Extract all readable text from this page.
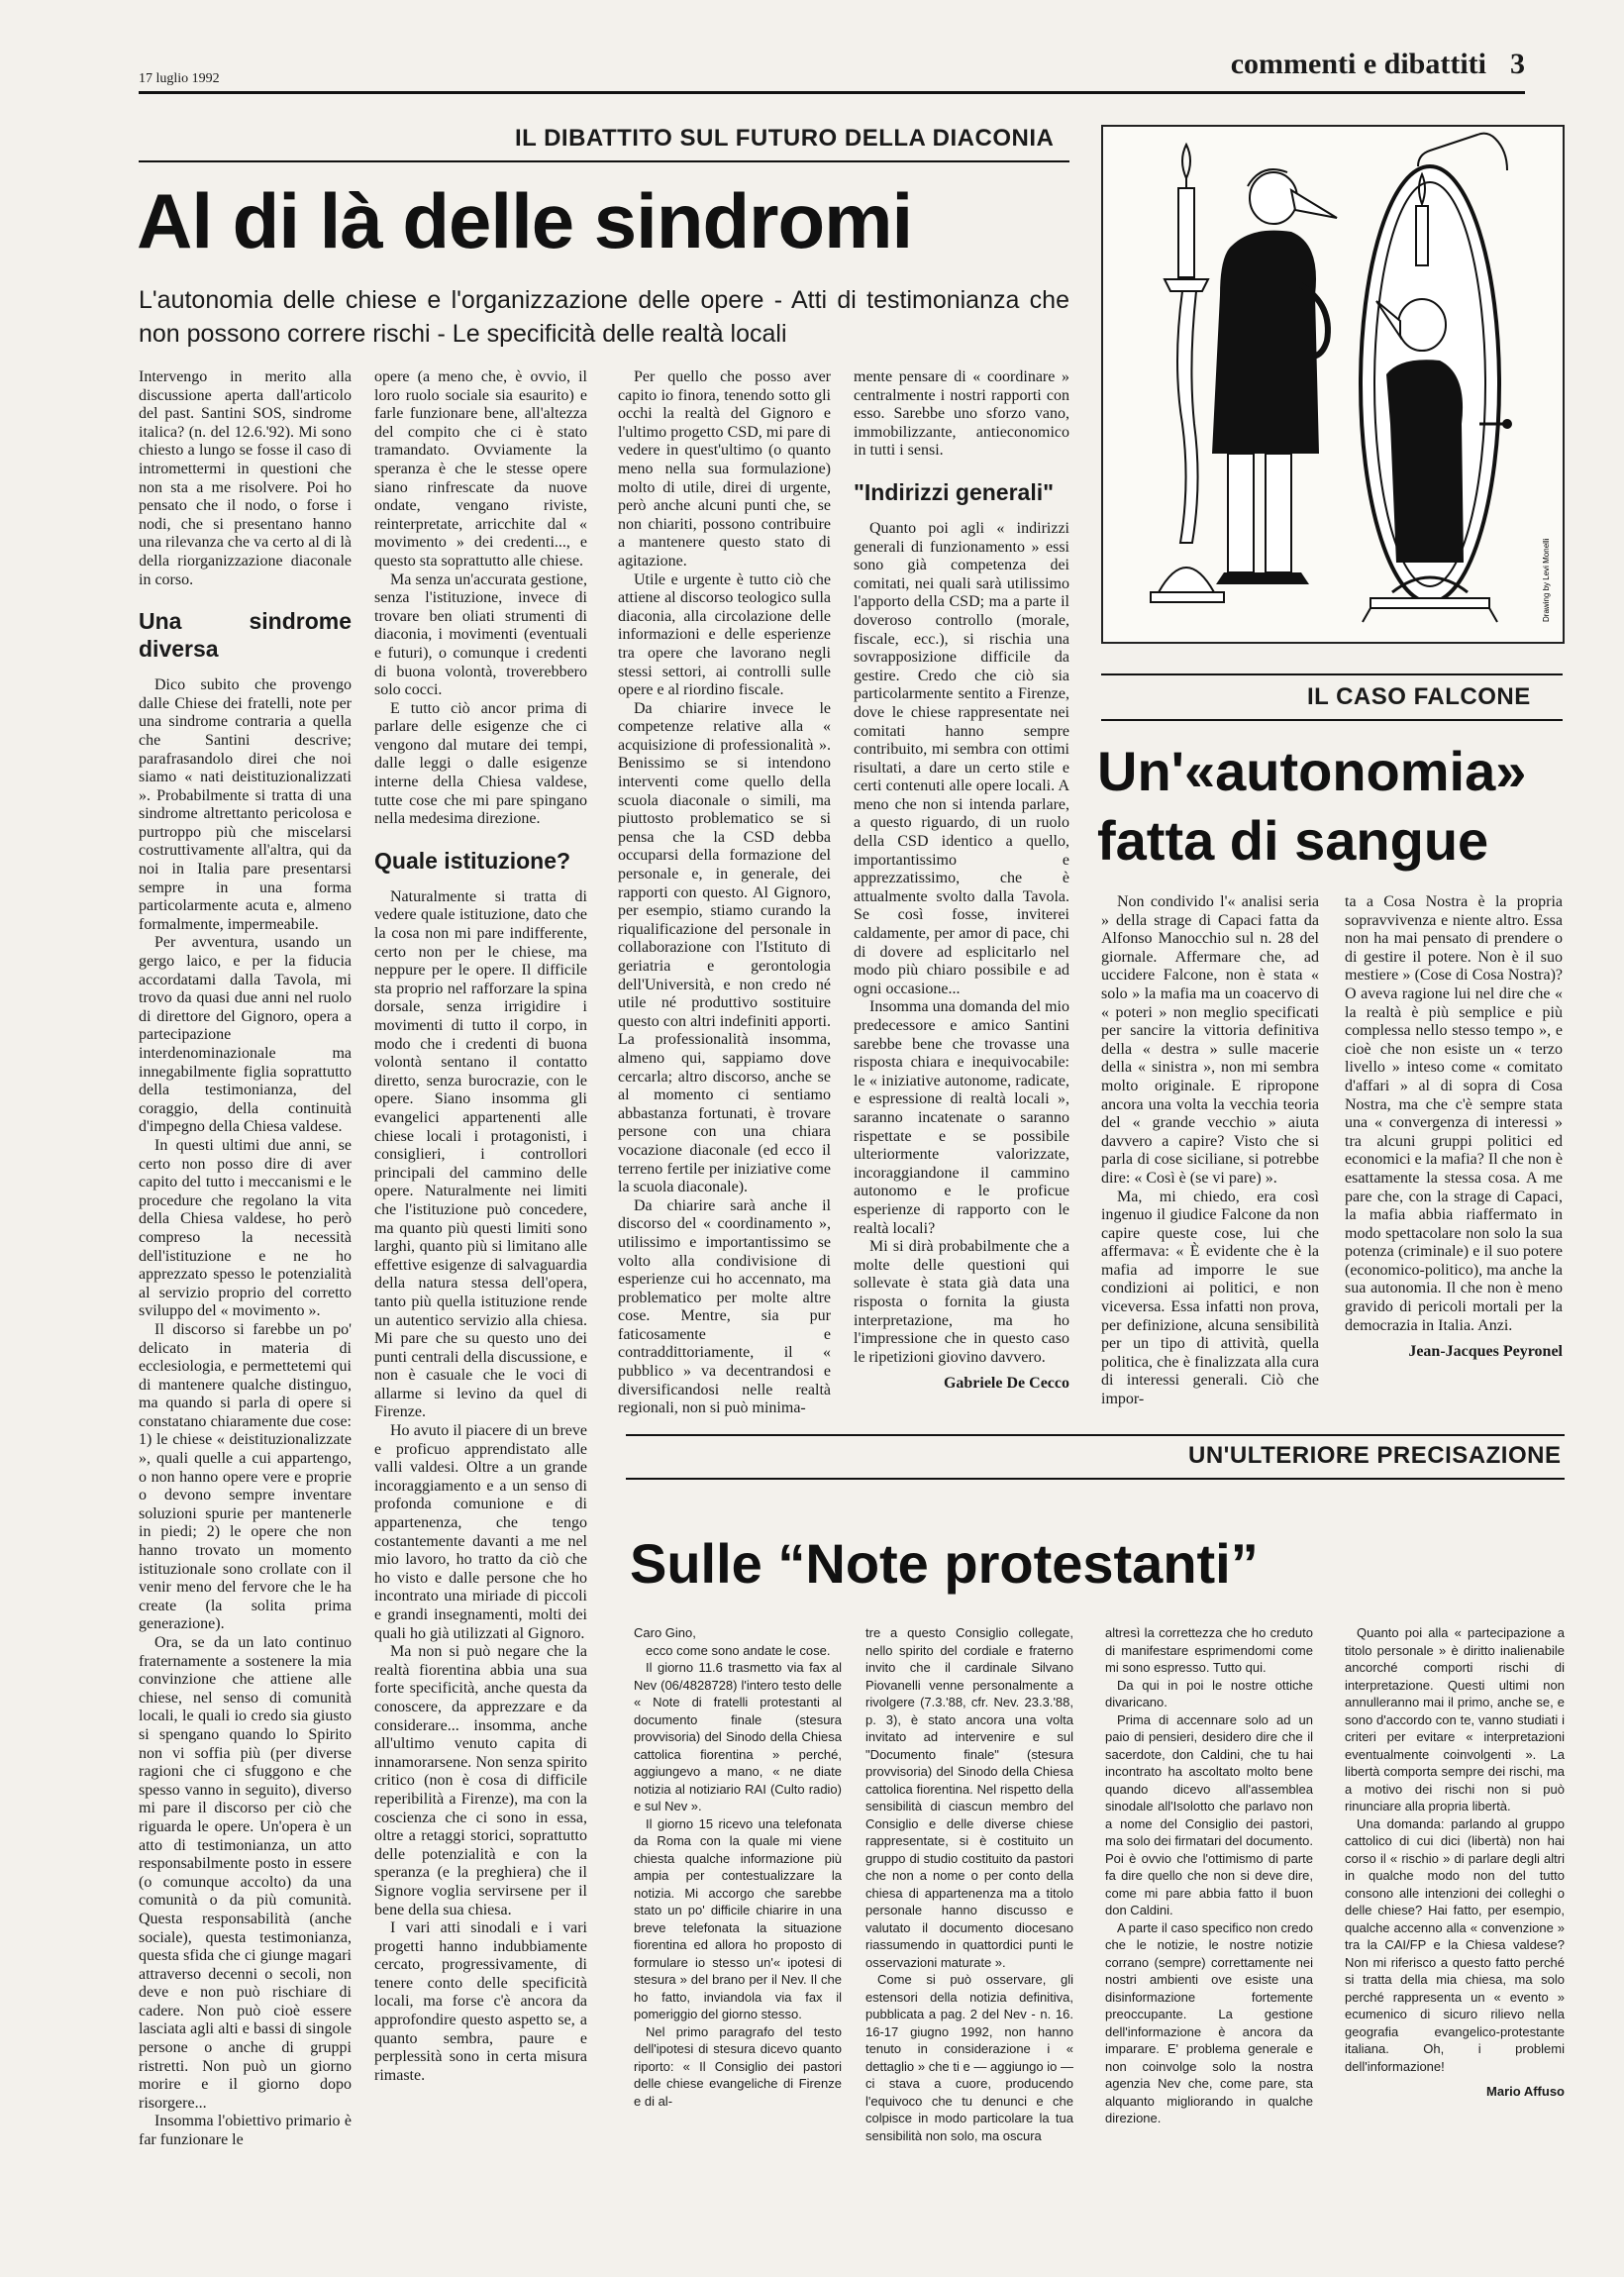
17 luglio 1992	commenti e dibattiti 3
IL DIBATTITO SUL FUTURO DELLA DIACONIA
Al di là delle sindromi
L'autonomia delle chiese e l'organizzazione delle opere - Atti di testimonianza che non possono correre rischi - Le specificità delle realtà locali

Intervengo in merito alla discussione aperta dall'articolo del past. Santini SOS, sindrome italica? (n. del 12.6.'92). Mi sono chiesto a lungo se fosse il caso di intromettermi in questioni che non sta a me risolvere. Poi ho pensato che il nodo, o forse i nodi, che si presentano hanno una rilevanza che va certo al di là della riorganizzazione diaconale in corso.

Una sindrome diversa

Dico subito che provengo dalle Chiese dei fratelli, note per una sindrome contraria a quella che Santini descrive; parafrasandolo direi che noi siamo « nati deistituzionalizzati ». Probabilmente si tratta di una sindrome altrettanto pericolosa e purtroppo più che miscelarsi costruttivamente all'altra, qui da noi in Italia pare presentarsi sempre in una forma particolarmente acuta e, almeno formalmente, impermeabile.

Per avventura, usando un gergo laico, e per la fiducia accordatami dalla Tavola, mi trovo da quasi due anni nel ruolo di direttore del Gignoro, opera a partecipazione interdenominazionale ma innegabilmente figlia soprattutto della testimonianza, del coraggio, della continuità d'impegno della Chiesa valdese.

In questi ultimi due anni, se certo non posso dire di aver capito del tutto i meccanismi e le procedure che regolano la vita della Chiesa valdese, ho però compreso la necessità dell'istituzione e ne ho apprezzato spesso le potenzialità al servizio proprio del corretto sviluppo del « movimento ».

Il discorso si farebbe un po' delicato in materia di ecclesiologia, e permettetemi qui di mantenere qualche distinguo, ma quando si parla di opere si constatano chiaramente due cose: 1) le chiese « deistituzionalizzate », quali quelle a cui appartengo, o non hanno opere vere e proprie o devono sempre inventare soluzioni spurie per mantenerle in piedi; 2) le opere che non hanno trovato un momento istituzionale sono crollate con il venir meno del fervore che le ha create (la solita prima generazione).

Ora, se da un lato continuo fraternamente a sostenere la mia convinzione che attiene alle chiese, nel senso di comunità locali, le quali io credo sia giusto si spengano quando lo Spirito non vi soffia più (per diverse ragioni che ci sfuggono e che spesso vanno in seguito), diverso mi pare il discorso per ciò che riguarda le opere. Un'opera è un atto di testimonianza, un atto responsabilmente posto in essere (o comunque accolto) da una comunità o da più comunità. Questa responsabilità (anche sociale), questa testimonianza, questa sfida che ci giunge magari attraverso decenni o secoli, non deve e non può rischiare di cadere. Non può cioè essere lasciata agli alti e bassi di singole persone o anche di gruppi ristretti. Non può un giorno morire e il giorno dopo risorgere...

Insomma l'obiettivo primario è far funzionare le

opere (a meno che, è ovvio, il loro ruolo sociale sia esaurito) e farle funzionare bene, all'altezza del compito che ci è stato tramandato. Ovviamente la speranza è che le stesse opere siano rinfrescate da nuove ondate, vengano riviste, reinterpretate, arricchite dal « movimento » dei credenti..., e questo sta soprattutto alle chiese.

Ma senza un'accurata gestione, senza l'istituzione, invece di trovare ben oliati strumenti di diaconia, i movimenti (eventuali e futuri), o comunque i credenti di buona volontà, troverebbero solo cocci.

E tutto ciò ancor prima di parlare delle esigenze che ci vengono dal mutare dei tempi, dalle leggi o dalle esigenze interne della Chiesa valdese, tutte cose che mi pare spingano nella medesima direzione.

Quale istituzione?

Naturalmente si tratta di vedere quale istituzione, dato che la cosa non mi pare indifferente, certo non per le chiese, ma neppure per le opere. Il difficile sta proprio nel rafforzare la spina dorsale, senza irrigidire i movimenti di tutto il corpo, in modo che i credenti di buona volontà sentano il contatto diretto, senza burocrazie, con le opere. Siano insomma gli evangelici appartenenti alle chiese locali i protagonisti, i consiglieri, i controllori principali del cammino delle opere. Naturalmente nei limiti che l'istituzione può concedere, ma quanto più questi limiti sono larghi, quanto più si limitano alle effettive esigenze di salvaguardia della natura stessa dell'opera, tanto più quella istituzione rende un autentico servizio alla chiesa. Mi pare che su questo uno dei punti centrali della discussione, e non è casuale che le voci di allarme si levino da quel di Firenze.

Ho avuto il piacere di un breve e proficuo apprendistato alle valli valdesi. Oltre a un grande incoraggiamento e a un senso di profonda comunione e di appartenenza, che tengo costantemente davanti a me nel mio lavoro, ho tratto da ciò che ho visto e dalle persone che ho incontrato una miriade di piccoli e grandi insegnamenti, molti dei quali ho già utilizzati al Gignoro.

Ma non si può negare che la realtà fiorentina abbia una sua forte specificità, anche questa da conoscere, da apprezzare e da considerare... insomma, anche all'ultimo venuto capita di innamorarsene. Non senza spirito critico (non è cosa di difficile reperibilità a Firenze), ma con la coscienza che ci sono in essa, oltre a retaggi storici, soprattutto delle potenzialità e con la speranza (e la preghiera) che il Signore voglia servirsene per il bene della sua chiesa.

I vari atti sinodali e i vari progetti hanno indubbiamente cercato, progressivamente, di tenere conto delle specificità locali, ma forse c'è ancora da approfondire questo aspetto se, a quanto sembra, paure e perplessità sono in certa misura rimaste.

Per quello che posso aver capito io finora, tenendo sotto gli occhi la realtà del Gignoro e l'ultimo progetto CSD, mi pare di vedere in quest'ultimo (o quanto meno nella sua formulazione) molto di utile, direi di urgente, però anche alcuni punti che, se non chiariti, possono contribuire a mantenere questo stato di agitazione.

Utile e urgente è tutto ciò che attiene al discorso teologico sulla diaconia, alla circolazione delle informazioni e delle esperienze tra opere che lavorano negli stessi settori, ai controlli sulle opere e al riordino fiscale.

Da chiarire invece le competenze relative alla « acquisizione di professionalità ». Benissimo se si intendono interventi come quello della scuola diaconale o simili, ma piuttosto problematico se si pensa che la CSD debba occuparsi della formazione del personale e, in generale, dei rapporti con questo. Al Gignoro, per esempio, stiamo curando la riqualificazione del personale in collaborazione con l'Istituto di geriatria e gerontologia dell'Università, e non credo né utile né produttivo sostituire questo con altri indefiniti apporti. La professionalità insomma, almeno qui, sappiamo dove cercarla; altro discorso, anche se al momento ci sentiamo abbastanza fortunati, è trovare persone con una chiara vocazione diaconale (ed ecco il terreno fertile per iniziative come la scuola diaconale).

Da chiarire sarà anche il discorso del « coordinamento », utilissimo e importantissimo se volto alla condivisione di esperienze cui ho accennato, ma problematico per molte altre cose. Mentre, sia pur faticosamente e contraddittoriamente, il « pubblico » va decentrandosi e diversificandosi nelle realtà regionali, non si può minima-

mente pensare di « coordinare » centralmente i nostri rapporti con esso. Sarebbe uno sforzo vano, immobilizzante, antieconomico in tutti i sensi.

"Indirizzi generali"

Quanto poi agli « indirizzi generali di funzionamento » essi sono già competenza dei comitati, nei quali sarà utilissimo l'apporto della CSD; ma a parte il doveroso controllo (morale, fiscale, ecc.), si rischia una sovrapposizione difficile da gestire. Credo che ciò sia particolarmente sentito a Firenze, dove le chiese rappresentate nei comitati hanno sempre contribuito, mi sembra con ottimi risultati, a dare un certo stile e certi contenuti alle opere locali. A meno che non si intenda parlare, a questo riguardo, di un ruolo della CSD identico a quello, importantissimo e apprezzatissimo, che è attualmente svolto dalla Tavola. Se così fosse, inviterei caldamente, per amor di pace, chi di dovere ad esplicitarlo nel modo più chiaro possibile e ad ogni occasione...

Insomma una domanda del mio predecessore e amico Santini sarebbe bene che trovasse una risposta chiara e inequivocabile: le « iniziative autonome, radicate, e espressione di realtà locali », saranno incatenate o saranno rispettate e se possibile ulteriormente valorizzate, incoraggiandone il cammino autonomo e le proficue esperienze di rapporto con le realtà locali?

Mi si dirà probabilmente che a molte delle questioni qui sollevate è stata già data una risposta o fornita la giusta interpretazione, ma ho l'impressione che in questo caso le ripetizioni giovino davvero.

Gabriele De Cecco
Drawing by Levi Monelli
IL CASO FALCONE
Un'«autonomia» fatta di sangue

Non condivido l'« analisi seria » della strage di Capaci fatta da Alfonso Manocchio sul n. 28 del giornale. Affermare che, ad uccidere Falcone, non è stata « solo » la mafia ma un coacervo di « poteri » non meglio specificati per sancire la vittoria definitiva della « destra » sulle macerie della « sinistra », non mi sembra molto originale. E ripropone ancora una volta la vecchia teoria del « grande vecchio » aiuta davvero a capire? Visto che si parla di cose siciliane, si potrebbe dire: « Così è (se vi pare) ».

Ma, mi chiedo, era così ingenuo il giudice Falcone da non capire queste cose, lui che affermava: « È evidente che è la mafia ad imporre le sue condizioni ai politici, e non viceversa. Essa infatti non prova, per definizione, alcuna sensibilità per un tipo di attività, quella politica, che è finalizzata alla cura di interessi generali. Ciò che impor-

ta a Cosa Nostra è la propria sopravvivenza e niente altro. Essa non ha mai pensato di prendere o di gestire il potere. Non è il suo mestiere » (Cose di Cosa Nostra)? O aveva ragione lui nel dire che « la realtà è più semplice e più complessa nello stesso tempo », e cioè che non esiste un « terzo livello » inteso come « comitato d'affari » al di sopra di Cosa Nostra, ma che c'è sempre stata una « convergenza di interessi » tra alcuni gruppi politici ed economici e la mafia? Il che non è esattamente la stessa cosa. A me pare che, con la strage di Capaci, la mafia abbia riaffermato in modo spettacolare non solo la sua potenza (criminale) e il suo potere (economico-politico), ma anche la sua autonomia. Il che non è meno gravido di pericoli mortali per la democrazia in Italia. Anzi.

Jean-Jacques Peyronel
UN'ULTERIORE PRECISAZIONE
Sulle “Note protestanti”

Caro Gino,

ecco come sono andate le cose.

Il giorno 11.6 trasmetto via fax al Nev (06/4828728) l'intero testo delle « Note di fratelli protestanti al documento finale (stesura provvisoria) del Sinodo della Chiesa cattolica fiorentina » perché, aggiungevo a mano, « ne diate notizia al notiziario RAI (Culto radio) e sul Nev ».

Il giorno 15 ricevo una telefonata da Roma con la quale mi viene chiesta qualche informazione più ampia per contestualizzare la notizia. Mi accorgo che sarebbe stato un po' difficile chiarire in una breve telefonata la situazione fiorentina ed allora ho proposto di formulare io stesso un'« ipotesi di stesura » del brano per il Nev. Il che ho fatto, inviandola via fax il pomeriggio del giorno stesso.

Nel primo paragrafo del testo dell'ipotesi di stesura dicevo quanto riporto: « Il Consiglio dei pastori delle chiese evangeliche di Firenze e di al-

tre a questo Consiglio collegate, nello spirito del cordiale e fraterno invito che il cardinale Silvano Piovanelli venne personalmente a rivolgere (7.3.'88, cfr. Nev. 23.3.'88, p. 3), è stato ancora una volta invitato ad intervenire e sul "Documento finale" (stesura provvisoria) del Sinodo della Chiesa cattolica fiorentina. Nel rispetto della sensibilità di ciascun membro del Consiglio e delle diverse chiese rappresentate, si è costituito un gruppo di studio costituito da pastori che non a nome o per conto della chiesa di appartenenza ma a titolo personale hanno discusso e valutato il documento diocesano riassumendo in quattordici punti le osservazioni maturate ».

Come si può osservare, gli estensori della notizia definitiva, pubblicata a pag. 2 del Nev - n. 16. 16-17 giugno 1992, non hanno tenuto in considerazione i « dettaglio » che ti e — aggiungo io — ci stava a cuore, producendo l'equivoco che tu denunci e che colpisce in modo particolare la tua sensibilità non solo, ma oscura

altresì la correttezza che ho creduto di manifestare esprimendomi come mi sono espresso. Tutto qui.

Da qui in poi le nostre ottiche divaricano.

Prima di accennare solo ad un paio di pensieri, desidero dire che il sacerdote, don Caldini, che tu hai incontrato ha ascoltato molto bene quando dicevo all'assemblea sinodale all'Isolotto che parlavo non a nome del Consiglio dei pastori, ma solo dei firmatari del documento. Poi è ovvio che l'ottimismo di parte fa dire quello che non si deve dire, come mi pare abbia fatto il buon don Caldini.

A parte il caso specifico non credo che le notizie, le nostre notizie corrano (sempre) correttamente nei nostri ambienti ove esiste una disinformazione fortemente preoccupante. La gestione dell'informazione è ancora da imparare. E' problema generale e non coinvolge solo la nostra agenzia Nev che, come pare, sta alquanto migliorando in qualche direzione.

Quanto poi alla « partecipazione a titolo personale » è diritto inalienabile ancorché comporti rischi di interpretazione. Questi ultimi non annulleranno mai il primo, anche se, e sono d'accordo con te, vanno studiati i criteri per evitare « interpretazioni eventualmente coinvolgenti ». La libertà comporta sempre dei rischi, ma a motivo dei rischi non si può rinunciare alla propria libertà.

Una domanda: parlando al gruppo cattolico di cui dici (libertà) non hai corso il « rischio » di parlare degli altri in qualche modo non del tutto consono alle intenzioni dei colleghi o delle chiese? Hai fatto, per esempio, qualche accenno alla « convenzione » tra la CAI/FP e la Chiesa valdese? Non mi riferisco a questo fatto perché si tratta della mia chiesa, ma solo perché rappresenta un « evento » ecumenico di sicuro rilievo nella geografia evangelico-protestante italiana. Oh, i problemi dell'informazione!

Mario Affuso
